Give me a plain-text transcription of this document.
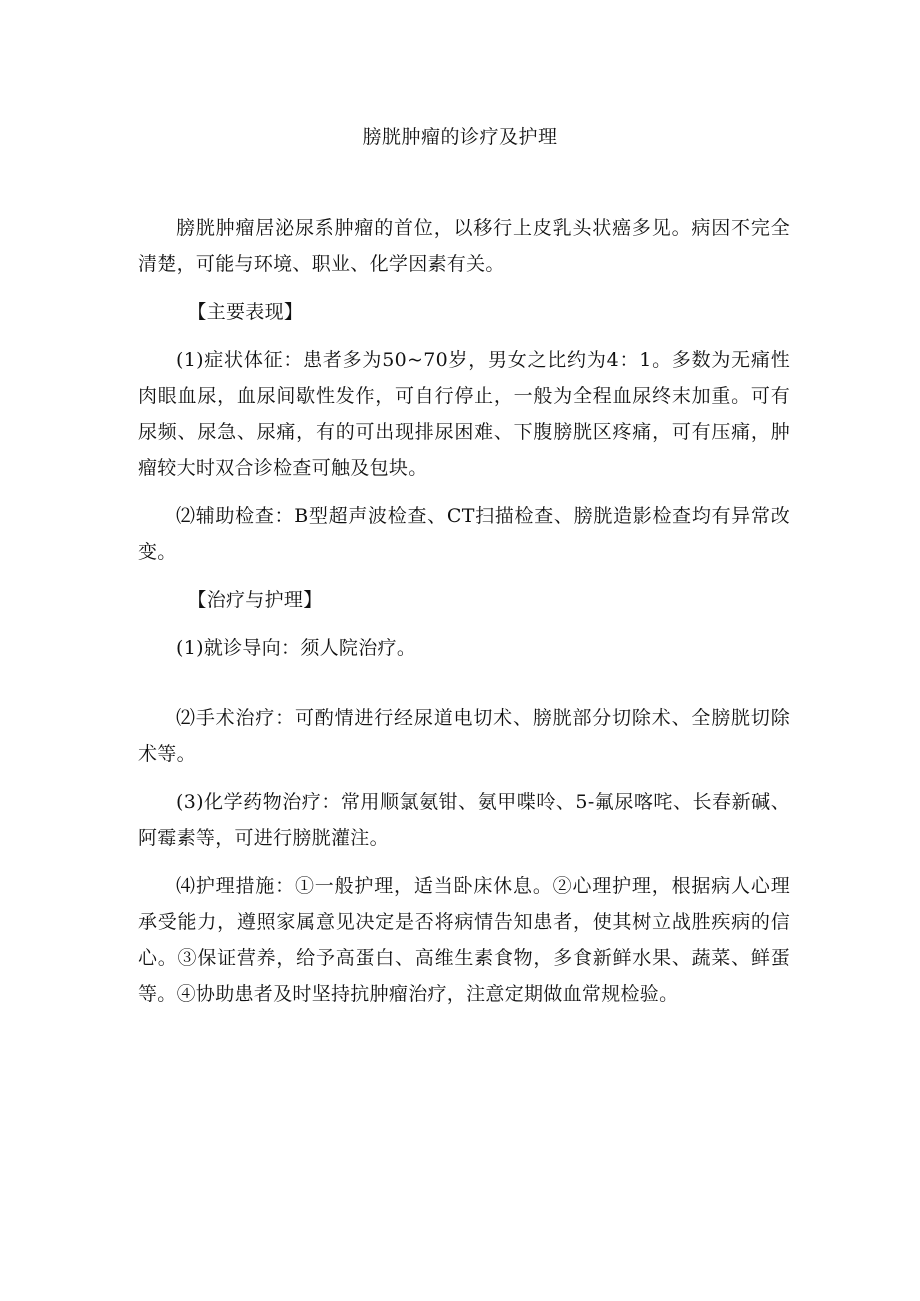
膀胱肿瘤的诊疗及护理

膀胱肿瘤居泌尿系肿瘤的首位，以移行上皮乳头状癌多见。病因不完全清楚，可能与环境、职业、化学因素有关。

【主要表现】

(1)症状体征：患者多为50~70岁，男女之比约为4：1。多数为无痛性肉眼血尿，血尿间歇性发作，可自行停止，一般为全程血尿终末加重。可有尿频、尿急、尿痛，有的可出现排尿困难、下腹膀胱区疼痛，可有压痛，肿瘤较大时双合诊检查可触及包块。

⑵辅助检查：B型超声波检查、CT扫描检查、膀胱造影检查均有异常改变。

【治疗与护理】

(1)就诊导向：须人院治疗。

⑵手术治疗：可酌情进行经尿道电切术、膀胱部分切除术、全膀胱切除术等。

(3)化学药物治疗：常用顺氯氨钳、氨甲喋呤、5-氟尿喀咤、长春新碱、阿霉素等，可进行膀胱灌注。

⑷护理措施：①一般护理，适当卧床休息。②心理护理，根据病人心理承受能力，遵照家属意见决定是否将病情告知患者，使其树立战胜疾病的信心。③保证营养，给予高蛋白、高维生素食物，多食新鲜水果、蔬菜、鲜蛋等。④协助患者及时坚持抗肿瘤治疗，注意定期做血常规检验。
